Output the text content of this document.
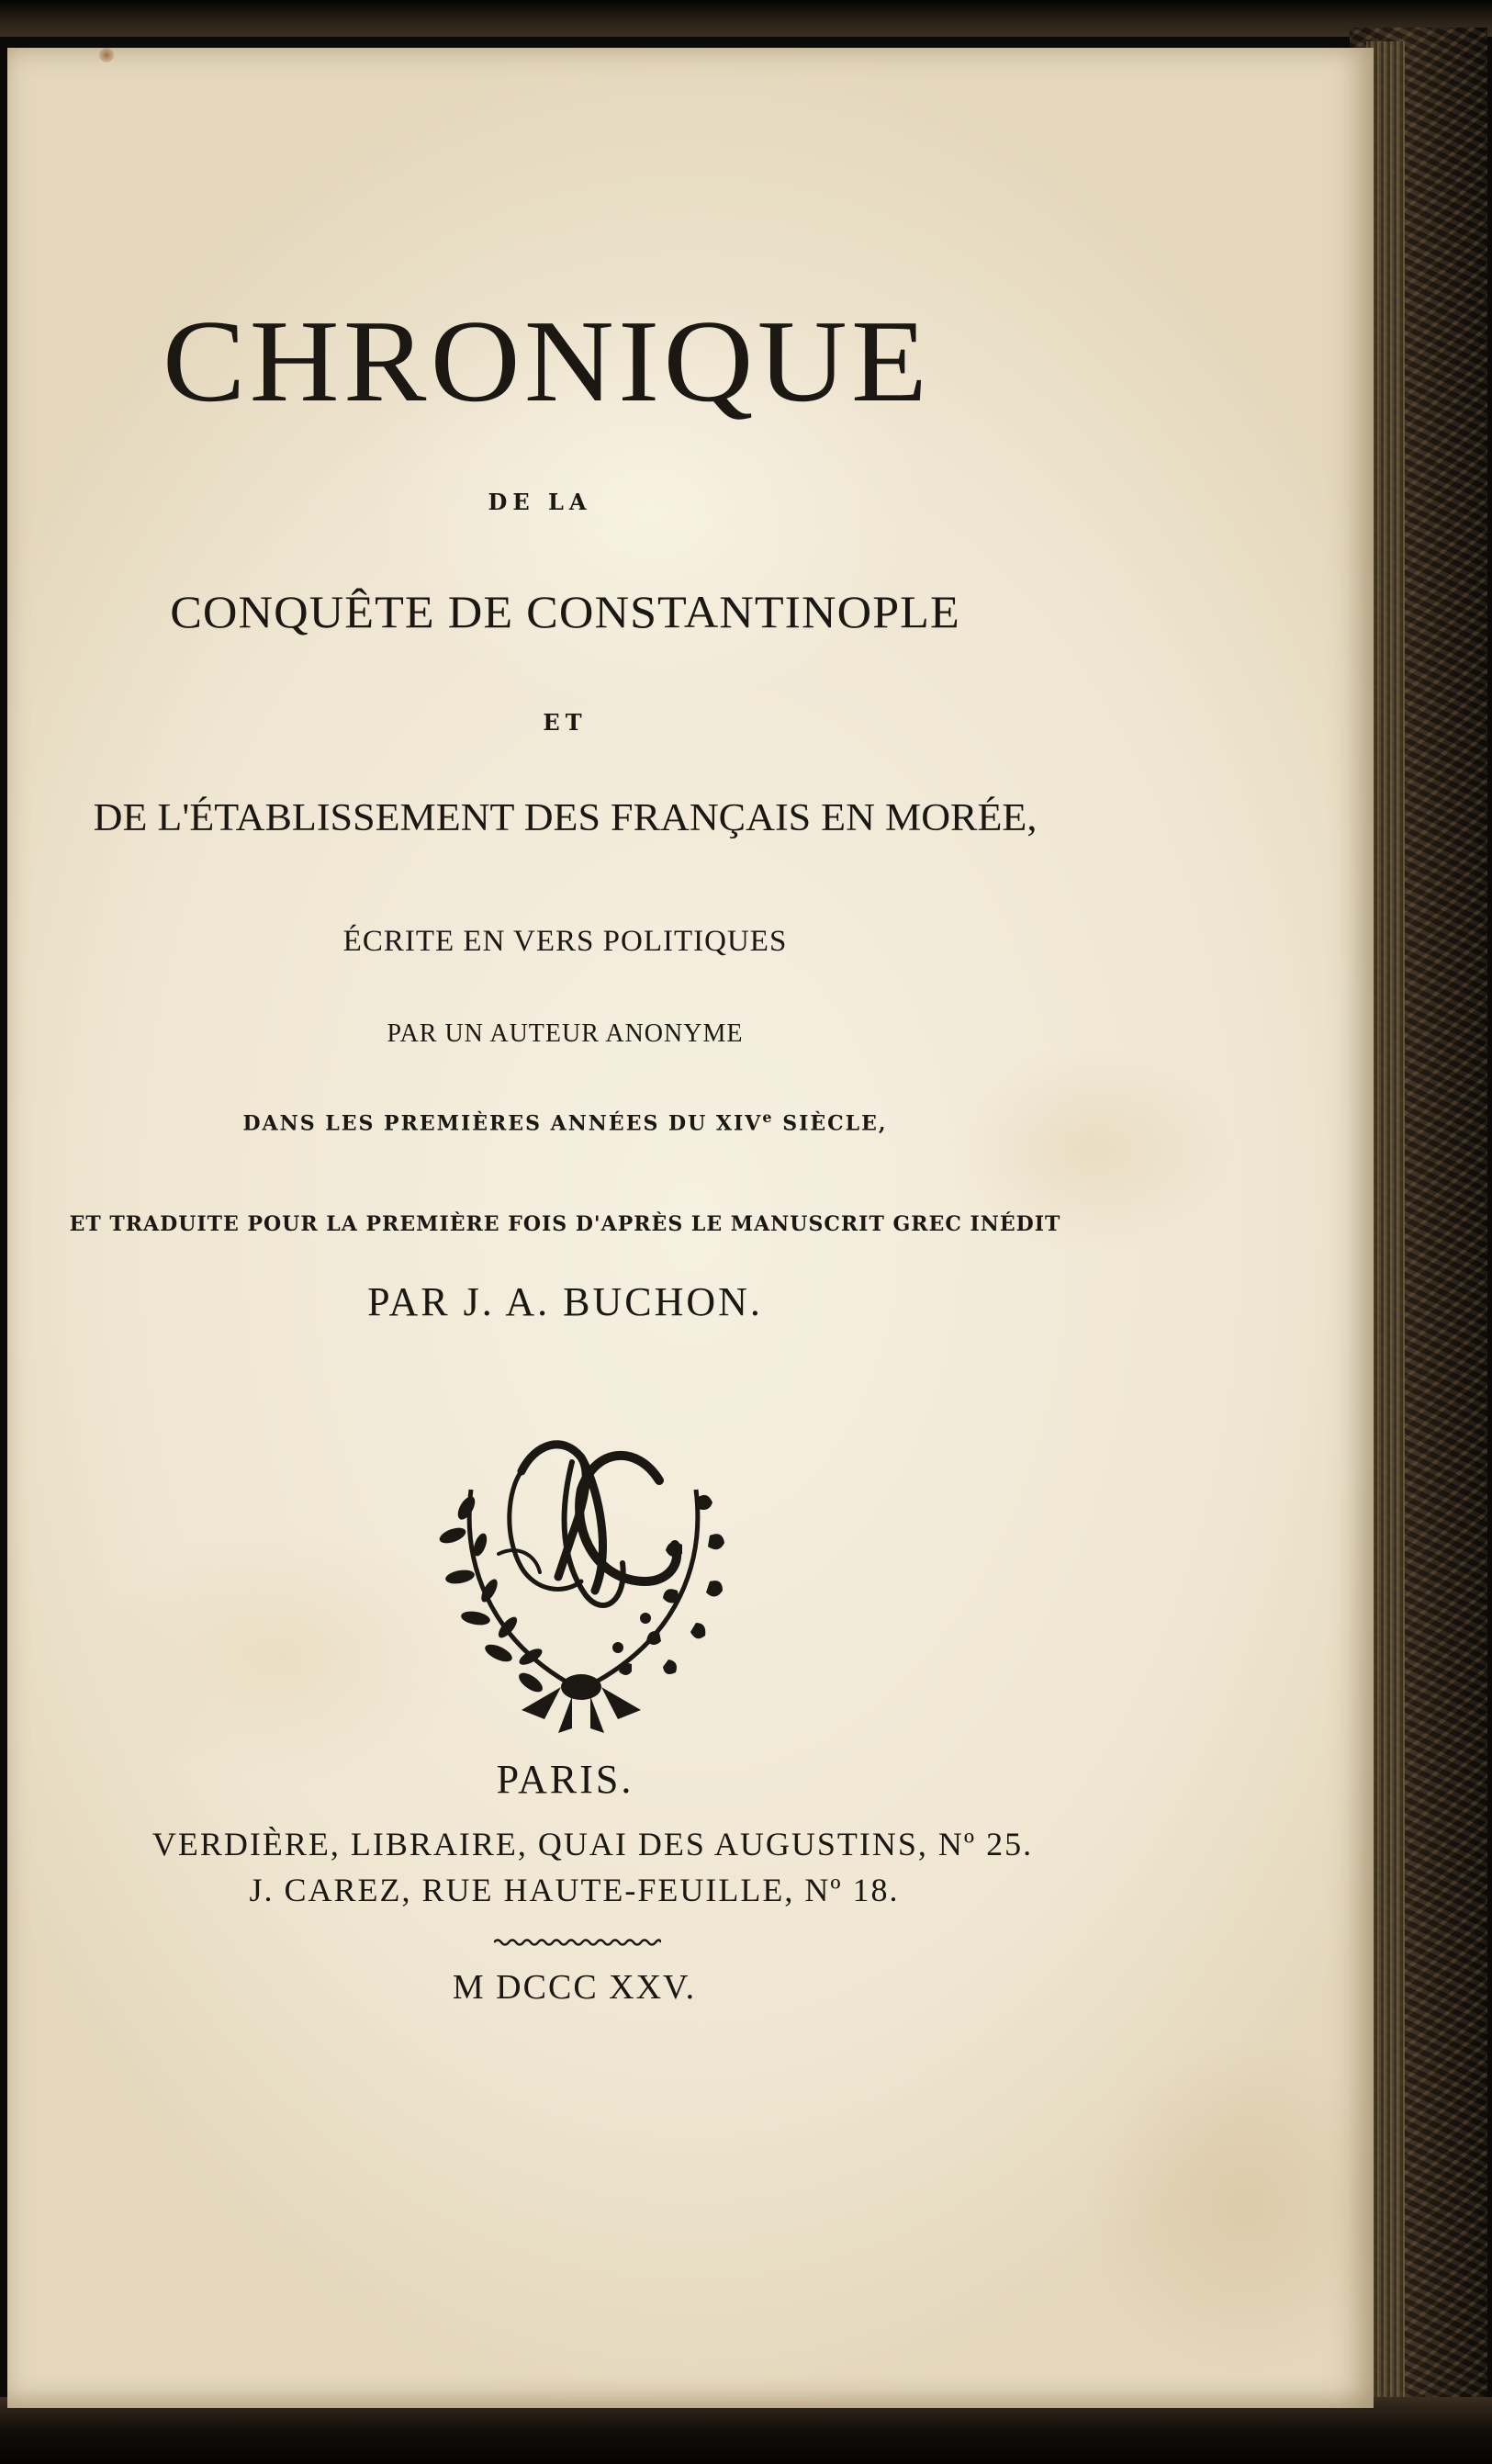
CHRONIQUE
DE LA
CONQUÊTE DE CONSTANTINOPLE
ET
DE L'ÉTABLISSEMENT DES FRANÇAIS EN MORÉE,
ÉCRITE EN VERS POLITIQUES
PAR UN AUTEUR ANONYME
DANS LES PREMIÈRES ANNÉES DU XIVe SIÈCLE,
ET TRADUITE POUR LA PREMIÈRE FOIS D'APRÈS LE MANUSCRIT GREC INÉDIT
PAR J. A. BUCHON.
PARIS.
VERDIÈRE, LIBRAIRE, QUAI DES AUGUSTINS, Nº 25.
J. CAREZ, RUE HAUTE-FEUILLE, Nº 18.
M DCCC XXV.
